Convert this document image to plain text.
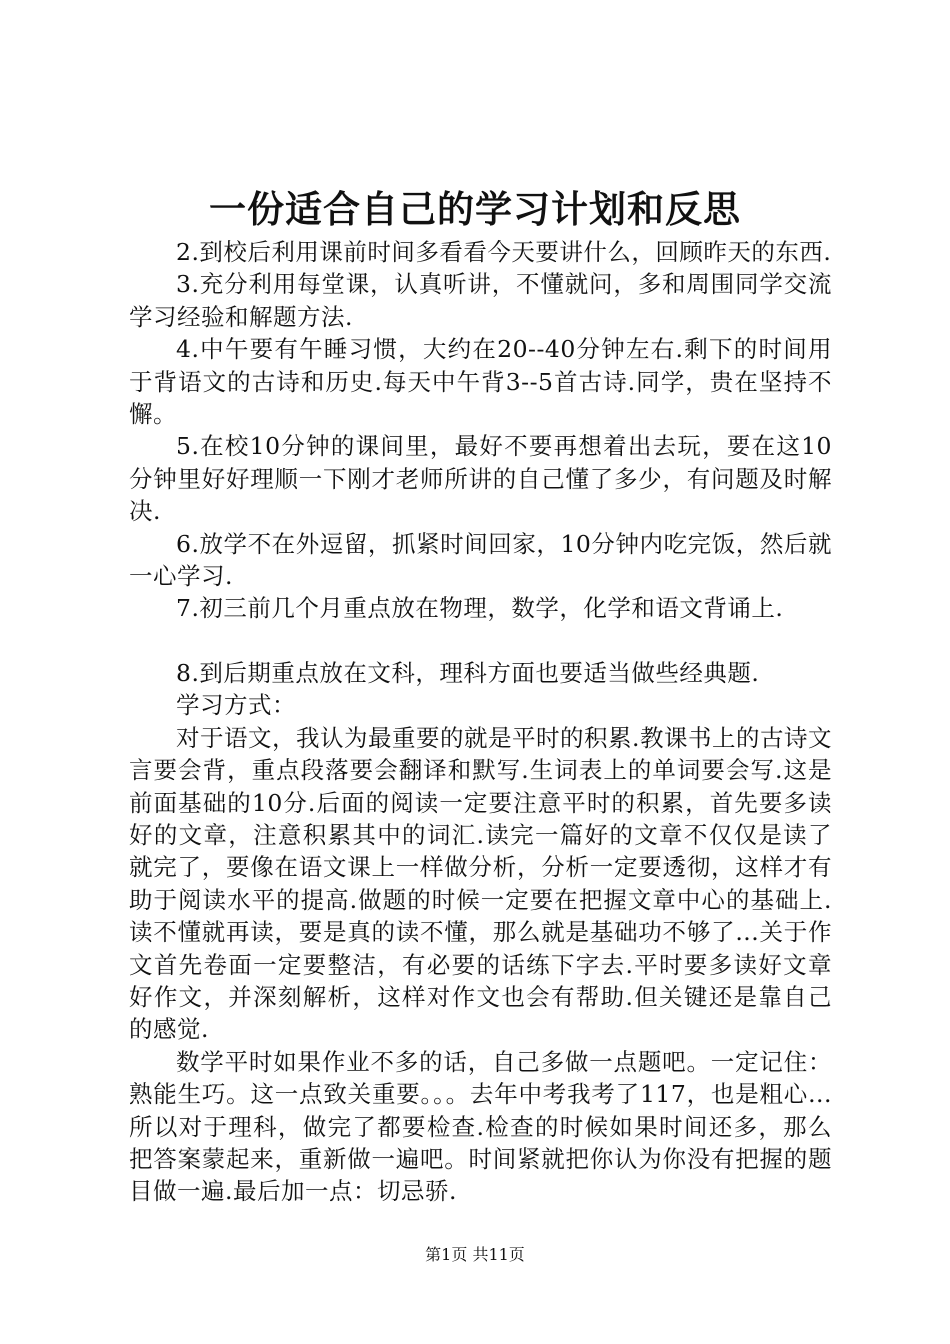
一份适合自己的学习计划和反思

2.到校后利用课前时间多看看今天要讲什么，回顾昨天的东西.

3.充分利用每堂课，认真听讲，不懂就问，多和周围同学交流学习经验和解题方法.

4.中午要有午睡习惯，大约在20--40分钟左右.剩下的时间用于背语文的古诗和历史.每天中午背3--5首古诗.同学，贵在坚持不懈。

5.在校10分钟的课间里，最好不要再想着出去玩，要在这10分钟里好好理顺一下刚才老师所讲的自己懂了多少，有问题及时解决.

6.放学不在外逗留，抓紧时间回家，10分钟内吃完饭，然后就一心学习.

7.初三前几个月重点放在物理，数学，化学和语文背诵上.

8.到后期重点放在文科，理科方面也要适当做些经典题.

学习方式：

对于语文，我认为最重要的就是平时的积累.教课书上的古诗文言要会背，重点段落要会翻译和默写.生词表上的单词要会写.这是前面基础的10分.后面的阅读一定要注意平时的积累，首先要多读好的文章，注意积累其中的词汇.读完一篇好的文章不仅仅是读了就完了，要像在语文课上一样做分析，分析一定要透彻，这样才有助于阅读水平的提高.做题的时候一定要在把握文章中心的基础上.读不懂就再读，要是真的读不懂，那么就是基础功不够了...关于作文首先卷面一定要整洁，有必要的话练下字去.平时要多读好文章好作文，并深刻解析，这样对作文也会有帮助.但关键还是靠自己的感觉.

数学平时如果作业不多的话，自己多做一点题吧。一定记住：熟能生巧。这一点致关重要。。。去年中考我考了117，也是粗心...所以对于理科，做完了都要检查.检查的时候如果时间还多，那么把答案蒙起来，重新做一遍吧。时间紧就把你认为你没有把握的题目做一遍.最后加一点：切忌骄.

第1页 共11页
